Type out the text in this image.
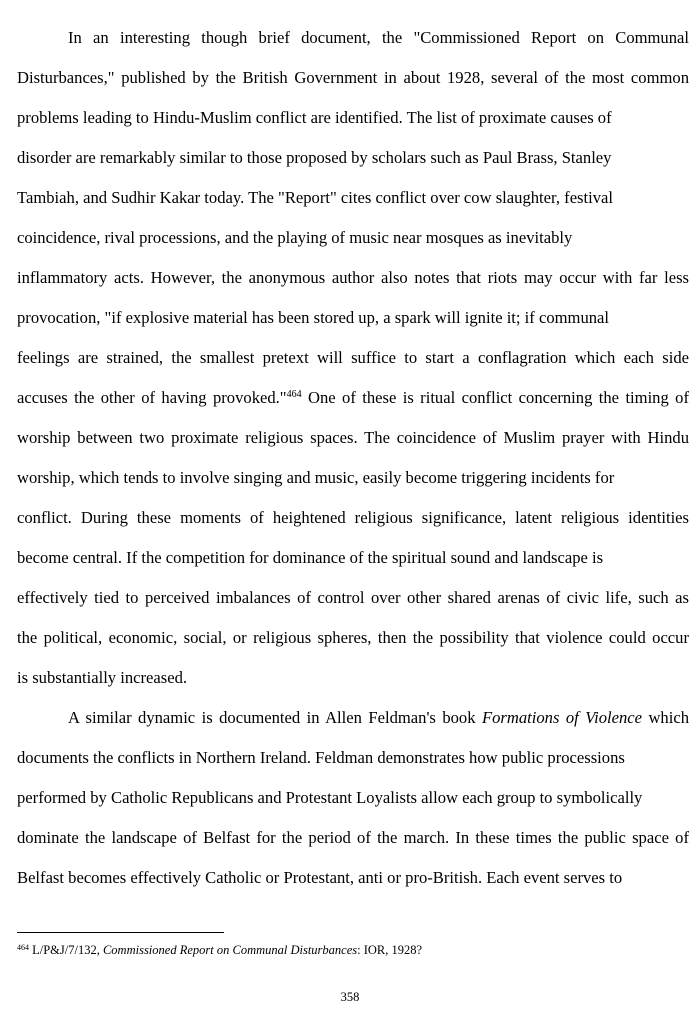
In an interesting though brief document, the "Commissioned Report on Communal
Disturbances," published by the British Government in about 1928, several of the most common
problems leading to Hindu-Muslim conflict are identified. The list of proximate causes of
disorder are remarkably similar to those proposed by scholars such as Paul Brass, Stanley
Tambiah, and Sudhir Kakar today. The "Report" cites conflict over cow slaughter, festival
coincidence, rival processions, and the playing of music near mosques as inevitably
inflammatory acts. However, the anonymous author also notes that riots may occur with far less
provocation, "if explosive material has been stored up, a spark will ignite it; if communal
feelings are strained, the smallest pretext will suffice to start a conflagration which each side
accuses the other of having provoked."$^{464}$ One of these is ritual conflict concerning the timing of
worship between two proximate religious spaces. The coincidence of Muslim prayer with Hindu
worship, which tends to involve singing and music, easily become triggering incidents for
conflict. During these moments of heightened religious significance, latent religious identities
become central. If the competition for dominance of the spiritual sound and landscape is
effectively tied to perceived imbalances of control over other shared arenas of civic life, such as
the political, economic, social, or religious spheres, then the possibility that violence could occur
is substantially increased.
A similar dynamic is documented in Allen Feldman's book Formations of Violence which
documents the conflicts in Northern Ireland. Feldman demonstrates how public processions
performed by Catholic Republicans and Protestant Loyalists allow each group to symbolically
dominate the landscape of Belfast for the period of the march. In these times the public space of
Belfast becomes effectively Catholic or Protestant, anti or pro-British. Each event serves to
$^{464}$ L/P&J/7/132, Commissioned Report on Communal Disturbances: IOR, 1928?
358
